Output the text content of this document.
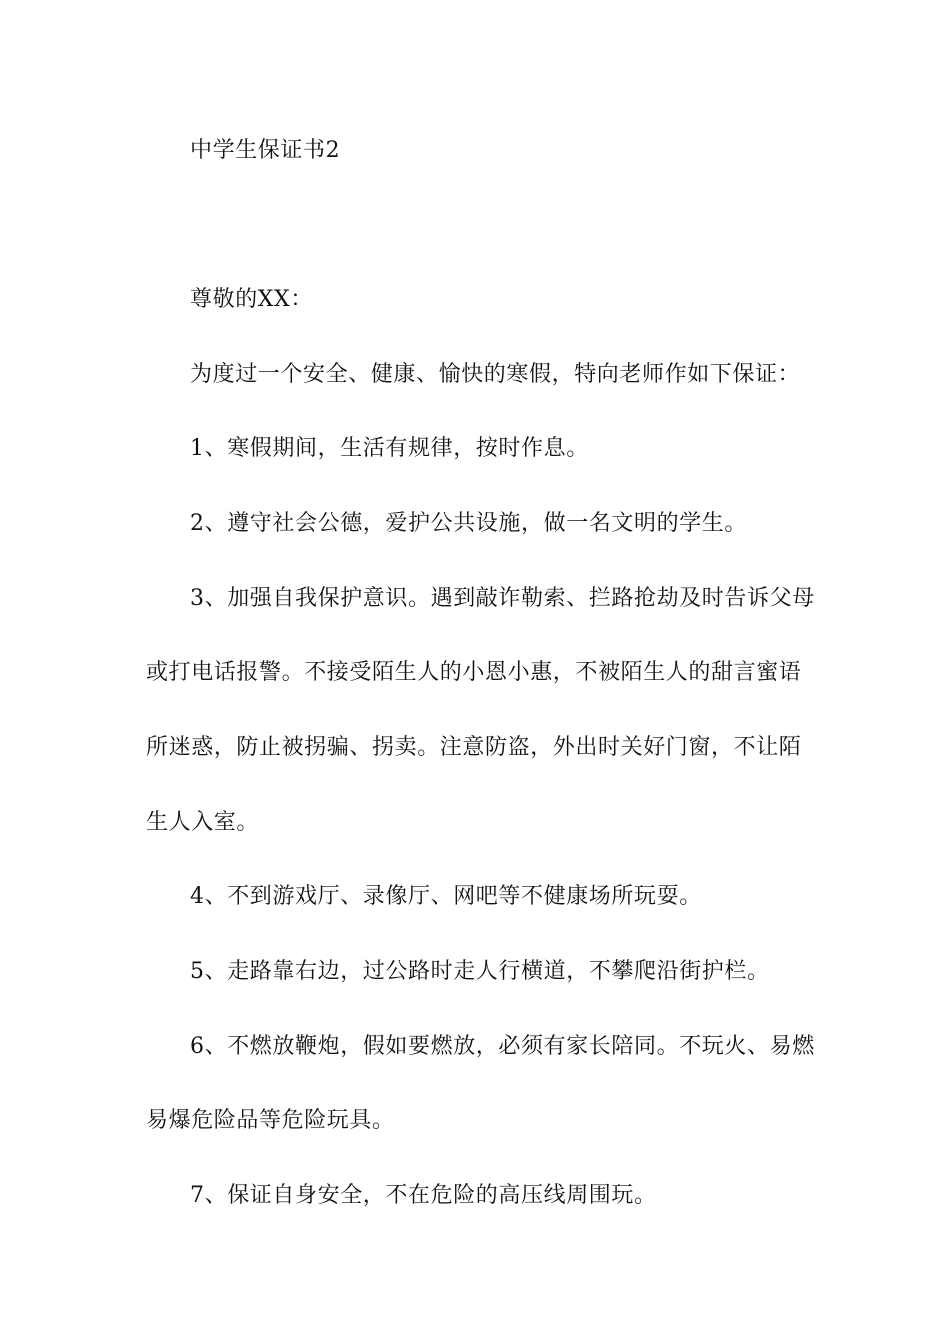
中学生保证书2
尊敬的XX：
为度过一个安全、健康、愉快的寒假，特向老师作如下保证：
1、寒假期间，生活有规律，按时作息。
2、遵守社会公德，爱护公共设施，做一名文明的学生。
3、加强自我保护意识。遇到敲诈勒索、拦路抢劫及时告诉父母
或打电话报警。不接受陌生人的小恩小惠，不被陌生人的甜言蜜语
所迷惑，防止被拐骗、拐卖。注意防盗，外出时关好门窗，不让陌
生人入室。
4、不到游戏厅、录像厅、网吧等不健康场所玩耍。
5、走路靠右边，过公路时走人行横道，不攀爬沿街护栏。
6、不燃放鞭炮，假如要燃放，必须有家长陪同。不玩火、易燃
易爆危险品等危险玩具。
7、保证自身安全，不在危险的高压线周围玩。
